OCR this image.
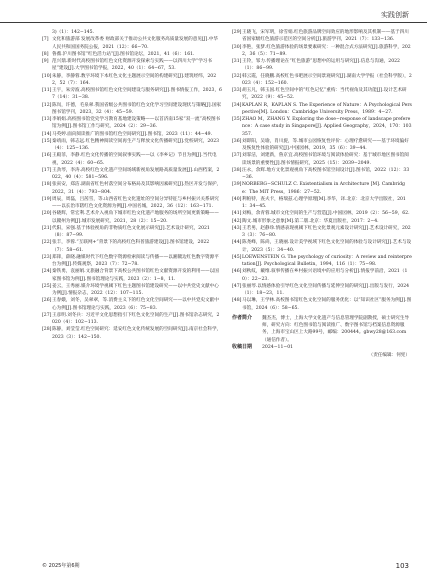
实践创新
3)（1）：142−145.
[7] 文化和旅游部 发展改革委 财政部关于推动公共文化服务高质量发展的意见[J].中华人民共和国国务院公报，2021（12）：66−70.
[8] 鲁薇.沪川图书馆“红色活力站”[J].图书馆论坛，2021，41（6）：161.
[9] 范兴鼎.新时代高校图书馆红色文化资源开发探索与实践——以四川大学“学习书屋”建设[J].大学图书馆学报，2022，40（1）：64−67，53.
[10] 朱静，李静蓉.数字环境下本红色文化主题展示空间的构建研究[J].建筑经纬，2022，52（7）：164.
[11] 王宇，朱旁波.高校图书馆红色文化空间建设与服务研究[J].图书情报工作，2023，67（14）：31−38.
[12] 陈岚，许德，毛泉翠.我国省级公共图书馆红色文化学习空间建设现状与策略[J].国家图书馆学刊，2023，32（4）：45−59.
[13] 李娟娟.高校图书馆党史学习教育基地建设策略——以首济南15家“双一流”高校图书馆为例[J].图书馆工作与研究，2024（2）：29−36.
[14] 马英婷.面向阅读推广的图书馆红色空间研究[J].图书馆，2023（11）：44−49.
[15] 秦靖雨，韩志远.红色精神阅读空间再生产与释放文化传播研究[J].党校研究，2023（4）：125−136.
[16] 王殿菲，李静.红色文化传播的空间叙事实践——以《李乡记》节目为例[J].当代电视，2022（4）：60−65.
[17] 王劲琴，李涛.高校红色文化遗产空间场域新视角发展路高质量发展[J].山西档案，2022，40（4）：581−596.
[18] 张寅安，郑洁.湖南省红色村落空间分布格局及其影响因素研究[J].热区开发与保护，2022，31（4）：793−804.
[19] 周辰，周磊，吕茜雪，等.山西省红色文化遗址的空间分异特征与乡村振兴关系研究——以长治市辖红色文化资源为例[J].中国名城，2022，36（12）：163−171.
[20] 谷晓辉，常宏利.艺术介入视角下城市红色文化遗产地服务的场所空间更新策略——以赣州为例[J].城市发展研究，2021，28（2）：15−20.
[21] 代阳，宋强.基于体验视角的非物质红色文化展示研究[J].艺术设计研究，2021（8）：87−99.
[22] 张丰，李蓉.“互联网+”背景下的高校红色科普旅游建设[J].图书馆建设，2022（7）：58−61.
[23] 郑锋，薛晓.融媒时代下红色数字资源检索阅读与传播——以湘赣边红色数字资源平台为例[J].传媒观察，2023（7）：72−78.
[24] 秦铁勇，袁丽娟.文旅融合背景下高校公共图书馆红色文献资源开发的利用——以国家图书馆为例[J].图书馆理论与实践，2023（2）：1−8，11.
[25] 姜云，王秀丽.媒介环境学视阈下红色主题图书馆建设研究——以中共党史文献中心为例[J].情报杂志，2022（12）：107−115.
[26] 王春娥，刘冬，吴翠翠，等.消费主义下的红色文化空间研究——以中共党史文献中心为例[J].图书馆理论与实践，2023（6）：75−83.
[27] 王彦明.刘冬兵：习近平文化思想指引下红色文化空间的生产[J].图书馆杂志研究，2020（4）：102−113.
[28] 陈静，刘莹莹.红色空间研究：延安红色文化传统发展的空间研究[J].南京社会科学，2023（3）：142−150.
[29] 王晓飞，宋军明，徐雪娟.红色旅游品牌空间效应的地形影响及其机制——基于四川省国家级红色旅游示范区的空间分析[J].旅游学刊，2021（7）：133−136.
[30] 李艳，张梦.红色旅游体验的场景要素研究：一种混合式方法研究[J].旅游科学，2022，36（5）：71−89.
[31] 王铃，邹力.传播理论在“红色旅游”思想中的运用与研究[J].信息与沟通，2022（1）：86−99.
[32] 韩云霞，任晓鹏.高校红色书吧展示空间景观研究[J].湖南大学学报（社会科学版），2023（4）：152−160.
[33] 胡玉凡，韩玉国.红色空间中的“红色记忆”重构：当代视角及其功能[J].设计艺术研究，2022（9）：45−52.
[34] KAPLAN R，KAPLAN S. The Experience of Nature：A Psychological Perspective[M]. London：Cambridge University Press，1989：4−27.
[35] ZHAO M，ZHANG Y. Exploring the dose−response of landscape preference：A case study in Singapore[J]. Applied Geography，2024，170：103357.
[36] 刘即阳，吴瑜，肖川旋，等.城市公园恢复性评价：心理疗愈研究——基于环境偏好及恢复性体验的研究[J].中国园林，2019，35（6）：39−44.
[37] 刘霏洁，刘建新，鲁京宜.高校图书馆环境与阅读体验研究：基于城市地区图书馆阅读场景的重要性[J].图书情报研究，2025（15）：2039−2049.
[38] 汪永，余辉.地方文化景观视角下高校图书馆空间设计[J].图书馆，2022（12）：33−36.
[39] NORBERG−SCHULZ C. Existentialism in Architecture [M]. Cambridge：The MIT Press，1986：27−52.
[40] 利帕特，查夫卡，格瑞兹.心理学原理[M].李华，译.北京：北京大学出版社，2011：34−45.
[41] 刘梅，余青蓉.城市文化空间的生产与营造[J].中国园林，2019（2）：56−59，62.
[42] 陶文.城市形象之意象[M].第二版.北京：华夏出版社，2017：2−4.
[43] 王若男，赵静珍.情感表现视阈下红色文化景观元素设计研究[J].艺术设计研究，2023（3）：76−80.
[44] 陈尧峰，陈尚，王晓丽.设计美学视域下红色文化空间的体验与设计研究[J].艺术与设计，2023（5）：34−40.
[45] LOEWENSTEIN G. The psychology of curiosity：A review and reinterpretation[J]. Psychological Bulletin，1994，116（1）：75−98.
[46] 刘秋纹，戴维.叙事传播在乡村振兴语境中的应用与分析[J].情报学前沿，2021（10）：22−23.
[47] 张丽琴.以情感体验引导红色文化空间传播与延伸空间的研究[J].出版与发行，2024（1）：18−23，11.
[48] 马以琳，王学林.高校图书馆红色文化空间的服务优化：以“知识社区”服务为例[J].图书馆，2024（6）：58−65.
作者简介	魏杰杰，博士，上海大学文化遗产与信息管理学院副教授，硕士研究生导师，研究方向：红色图书馆与阅读推广、数字图书馆与档案信息资源服务，上海市宝山区上大路99号，邮编：200444。gbwy28@163.com（通信作者）。
收稿日期	2024−11−01
（责任编辑：何宪）
© 2025年第6期	103
